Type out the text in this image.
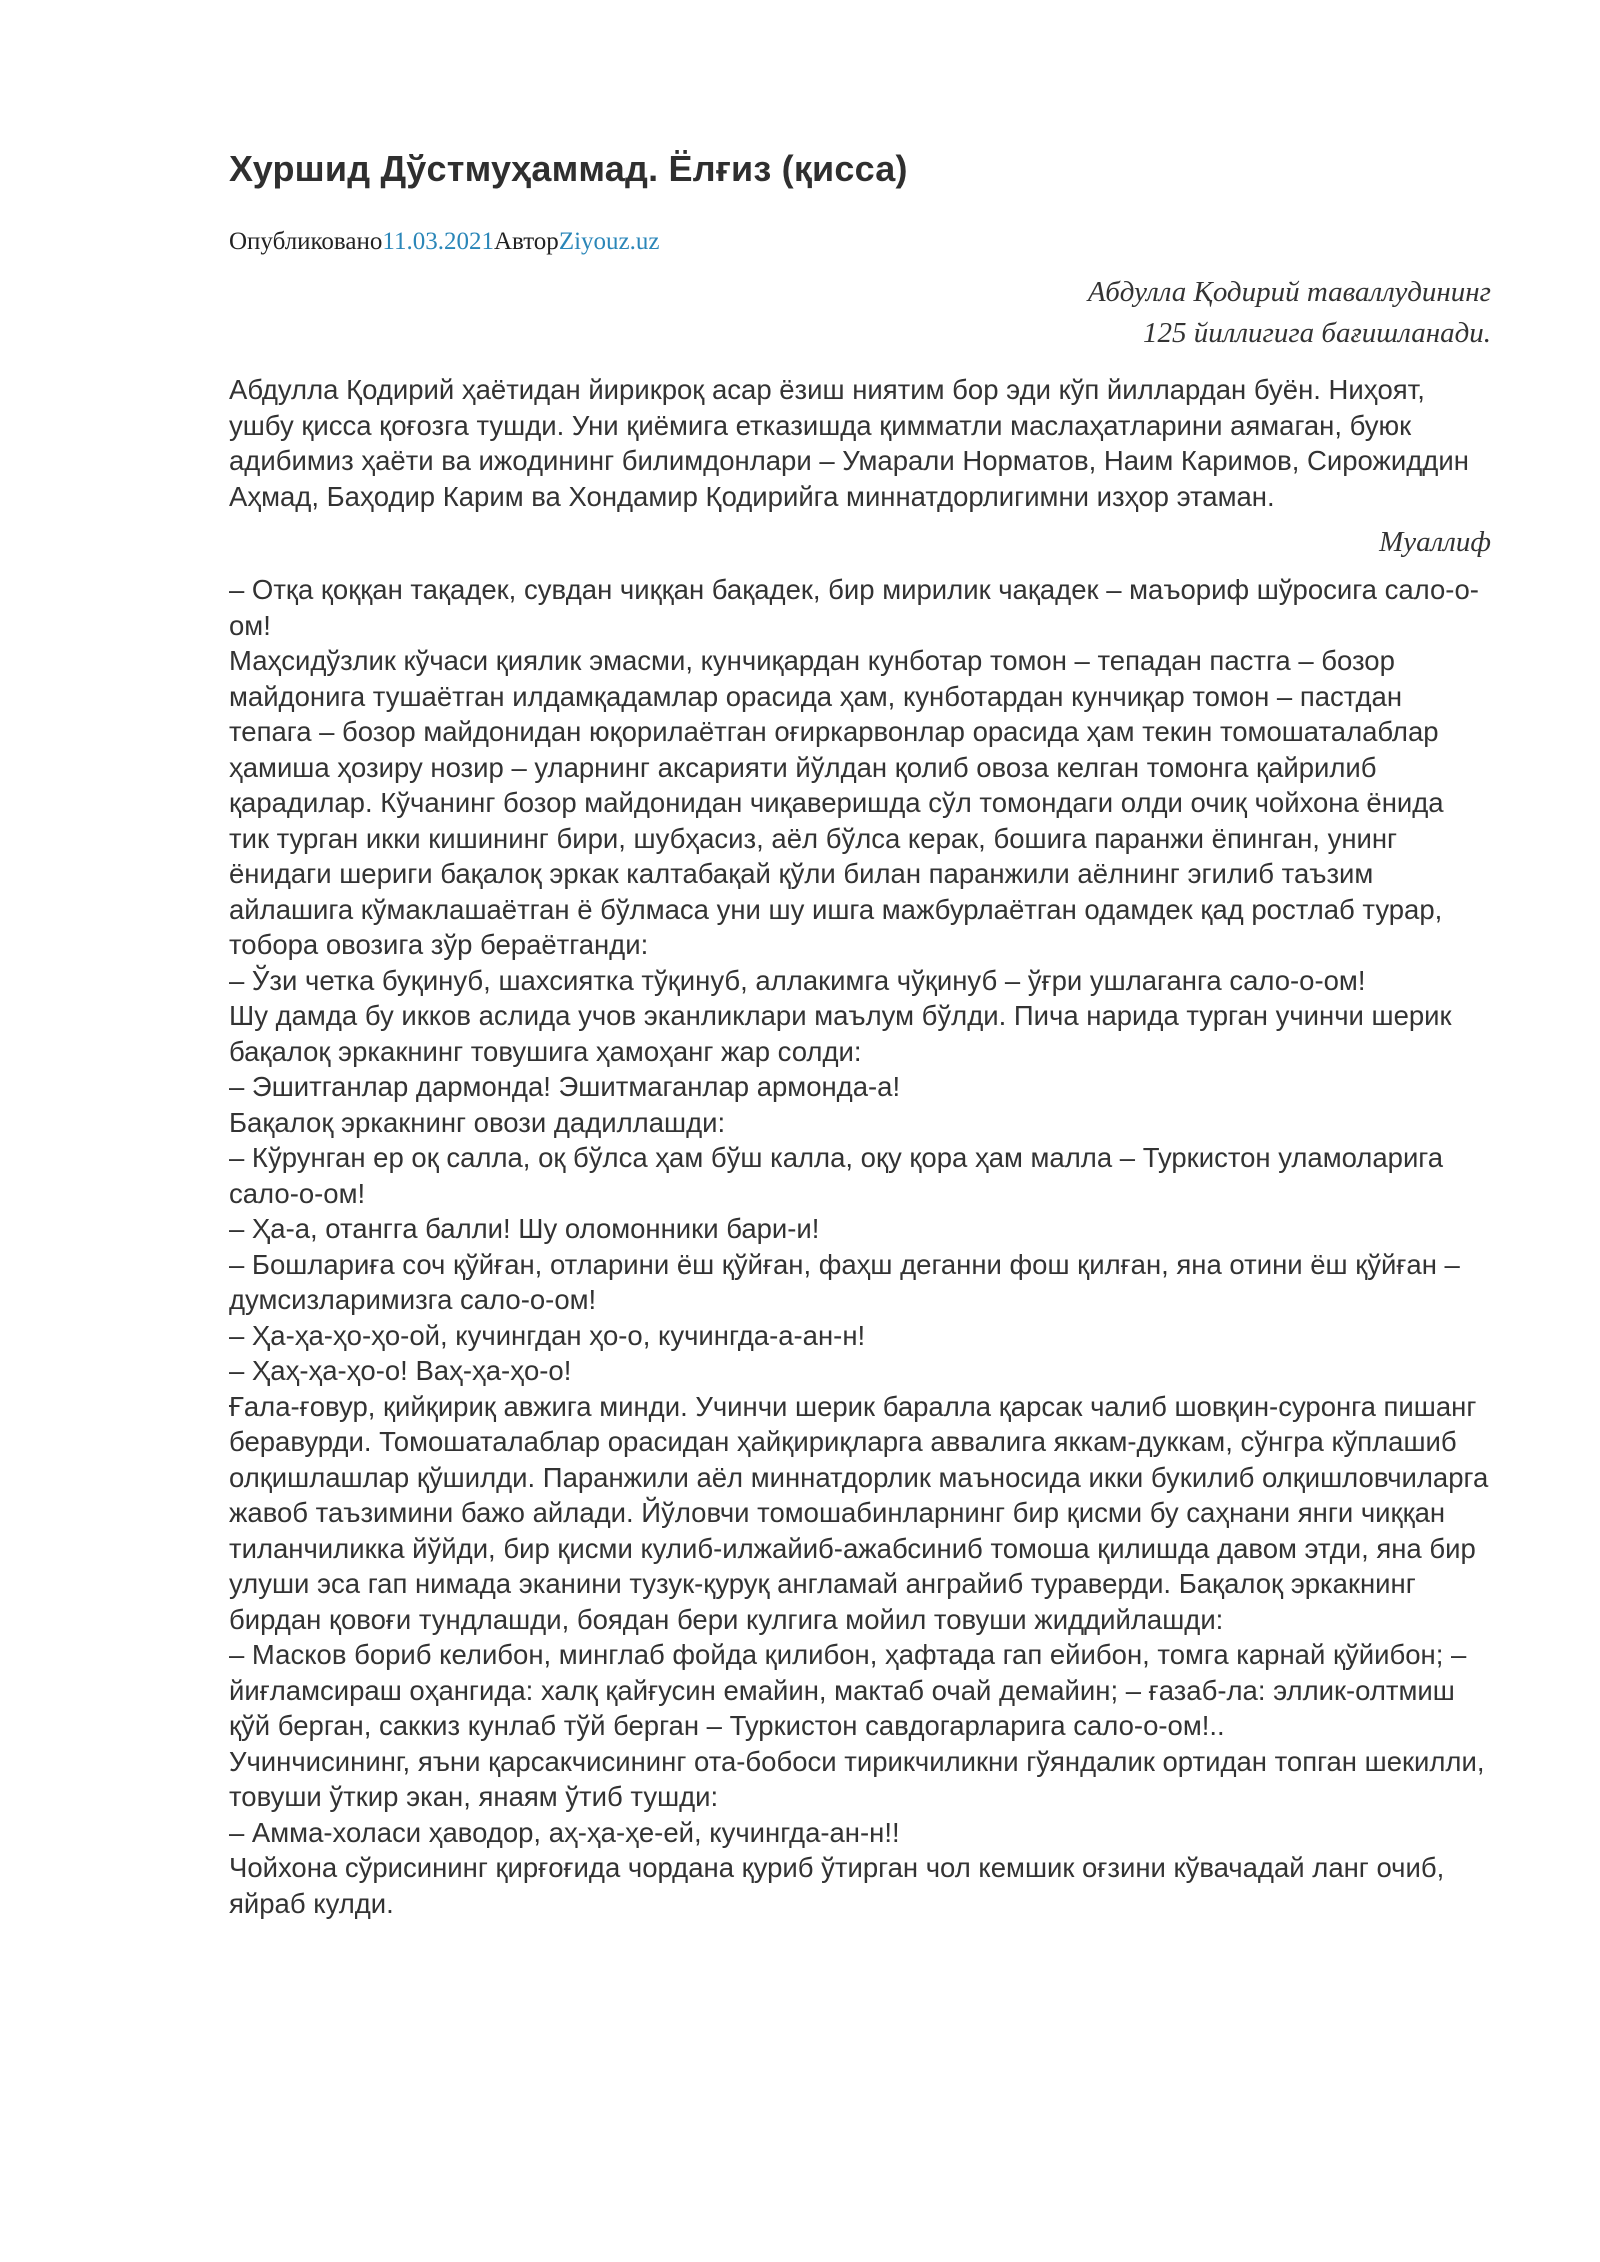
Хуршид Дўстмуҳаммад. Ёлғиз (қисса)
Опубликовано11.03.2021АвторZiyouz.uz
Абдулла Қодирий таваллудининг
125 йиллигига бағишланади.
Абдулла Қодирий ҳаётидан йирикроқ асар ёзиш ниятим бор эди кўп йиллардан буён. Ниҳоят, ушбу қисса қоғозга тушди. Уни қиёмига етказишда қимматли маслаҳатларини аямаган, буюк адибимиз ҳаёти ва ижодининг билимдонлари – Умарали Норматов, Наим Каримов, Сирожиддин Аҳмад, Баҳодир Карим ва Хондамир Қодирийга миннатдорлигимни изҳор этаман.
Муаллиф

– Отқа қоққан тақадек, сувдан чиққан бақадек, бир мирилик чақадек – маъориф шўросига сало-о-ом!

Маҳсидўзлик кўчаси қиялик эмасми, кунчиқардан кунботар томон – тепадан пастга – бозор майдонига тушаётган илдамқадамлар орасида ҳам, кунботардан кунчиқар томон – пастдан тепага – бозор майдонидан юқорилаётган оғиркарвонлар орасида ҳам текин томошаталаблар ҳамиша ҳозиру нозир – уларнинг аксарияти йўлдан қолиб овоза келган томонга қайрилиб қарадилар. Кўчанинг бозор майдонидан чиқаверишда сўл томондаги олди очиқ чойхона ёнида тик турган икки кишининг бири, шубҳасиз, аёл бўлса керак, бошига паранжи ёпинган, унинг ёнидаги шериги бақалоқ эркак калтабақай қўли билан паранжили аёлнинг эгилиб таъзим айлашига кўмаклашаётган ё бўлмаса уни шу ишга мажбурлаётган одамдек қад ростлаб турар, тобора овозига зўр бераётганди:

– Ўзи четка буқинуб, шахсиятка тўқинуб, аллакимга чўқинуб – ўғри ушлаганга сало-о-ом!

Шу дамда бу икков аслида учов эканликлари маълум бўлди. Пича нарида турган учинчи шерик бақалоқ эркакнинг товушига ҳамоҳанг жар солди:

– Эшитганлар дармонда! Эшитмаганлар армонда-а!

Бақалоқ эркакнинг овози дадиллашди:

– Кўрунган ер оқ салла, оқ бўлса ҳам бўш калла, оқу қора ҳам малла – Туркистон уламоларига сало-о-ом!

– Ҳа-а, отангга балли! Шу оломонники бари-и!

– Бошлариға соч қўйған, отларини ёш қўйған, фаҳш деганни фош қилған, яна отини ёш қўйған – думсизларимизга сало-о-ом!

– Ҳа-ҳа-ҳо-ҳо-ой, кучингдан ҳо-о, кучингда-а-ан-н!

– Ҳаҳ-ҳа-ҳо-о! Ваҳ-ҳа-ҳо-о!

Ғала-ғовур, қийқириқ авжига минди. Учинчи шерик баралла қарсак чалиб шовқин-суронга пишанг беравурди. Томошаталаблар орасидан ҳайқириқларга аввалига яккам-дуккам, сўнгра кўплашиб олқишлашлар қўшилди. Паранжили аёл миннатдорлик маъносида икки букилиб олқишловчиларга жавоб таъзимини бажо айлади. Йўловчи томошабинларнинг бир қисми бу саҳнани янги чиққан тиланчиликка йўйди, бир қисми кулиб-илжайиб-ажабсиниб томоша қилишда давом этди, яна бир улуши эса гап нимада эканини тузук-қуруқ англамай анграйиб тураверди. Бақалоқ эркакнинг бирдан қовоғи тундлашди, боядан бери кулгига мойил товуши жиддийлашди:

– Масков бориб келибон, минглаб фойда қилибон, ҳафтада гап ейибон, томга карнай қўйибон; – йиғламсираш оҳангида: халқ қайғусин емайин, мактаб очай демайин; – ғазаб-ла: эллик-олтмиш қўй берган, саккиз кунлаб тўй берган – Туркистон савдогарларига сало-о-ом!..

Учинчисининг, яъни қарсакчисининг ота-бобоси тирикчиликни гўяндалик ортидан топган шекилли, товуши ўткир экан, янаям ўтиб тушди:

– Амма-холаси ҳаводор, аҳ-ҳа-ҳе-ей, кучингда-ан-н!!

Чойхона сўрисининг қирғоғида чордана қуриб ўтирган чол кемшик оғзини кўвачадай ланг очиб, яйраб кулди.
